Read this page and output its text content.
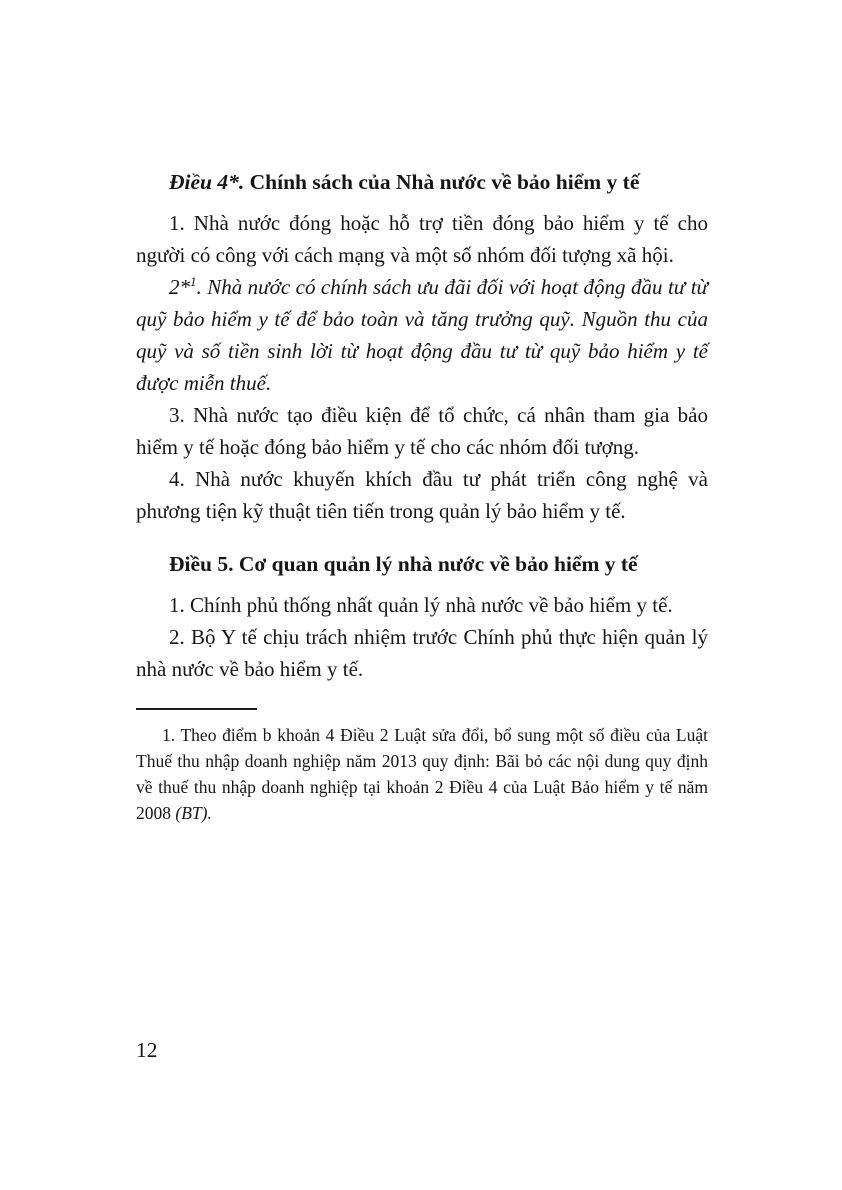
Điều 4*. Chính sách của Nhà nước về bảo hiểm y tế

1. Nhà nước đóng hoặc hỗ trợ tiền đóng bảo hiểm y tế cho người có công với cách mạng và một số nhóm đối tượng xã hội.

2*$^1$. Nhà nước có chính sách ưu đãi đối với hoạt động đầu tư từ quỹ bảo hiểm y tế để bảo toàn và tăng trưởng quỹ. Nguồn thu của quỹ và số tiền sinh lời từ hoạt động đầu tư từ quỹ bảo hiểm y tế được miễn thuế.

3. Nhà nước tạo điều kiện để tổ chức, cá nhân tham gia bảo hiểm y tế hoặc đóng bảo hiểm y tế cho các nhóm đối tượng.

4. Nhà nước khuyến khích đầu tư phát triển công nghệ và phương tiện kỹ thuật tiên tiến trong quản lý bảo hiểm y tế.

Điều 5. Cơ quan quản lý nhà nước về bảo hiểm y tế

1. Chính phủ thống nhất quản lý nhà nước về bảo hiểm y tế.

2. Bộ Y tế chịu trách nhiệm trước Chính phủ thực hiện quản lý nhà nước về bảo hiểm y tế.

1. Theo điểm b khoản 4 Điều 2 Luật sửa đổi, bổ sung một số điều của Luật Thuế thu nhập doanh nghiệp năm 2013 quy định: Bãi bỏ các nội dung quy định về thuế thu nhập doanh nghiệp tại khoản 2 Điều 4 của Luật Bảo hiểm y tế năm 2008 (BT).

12
